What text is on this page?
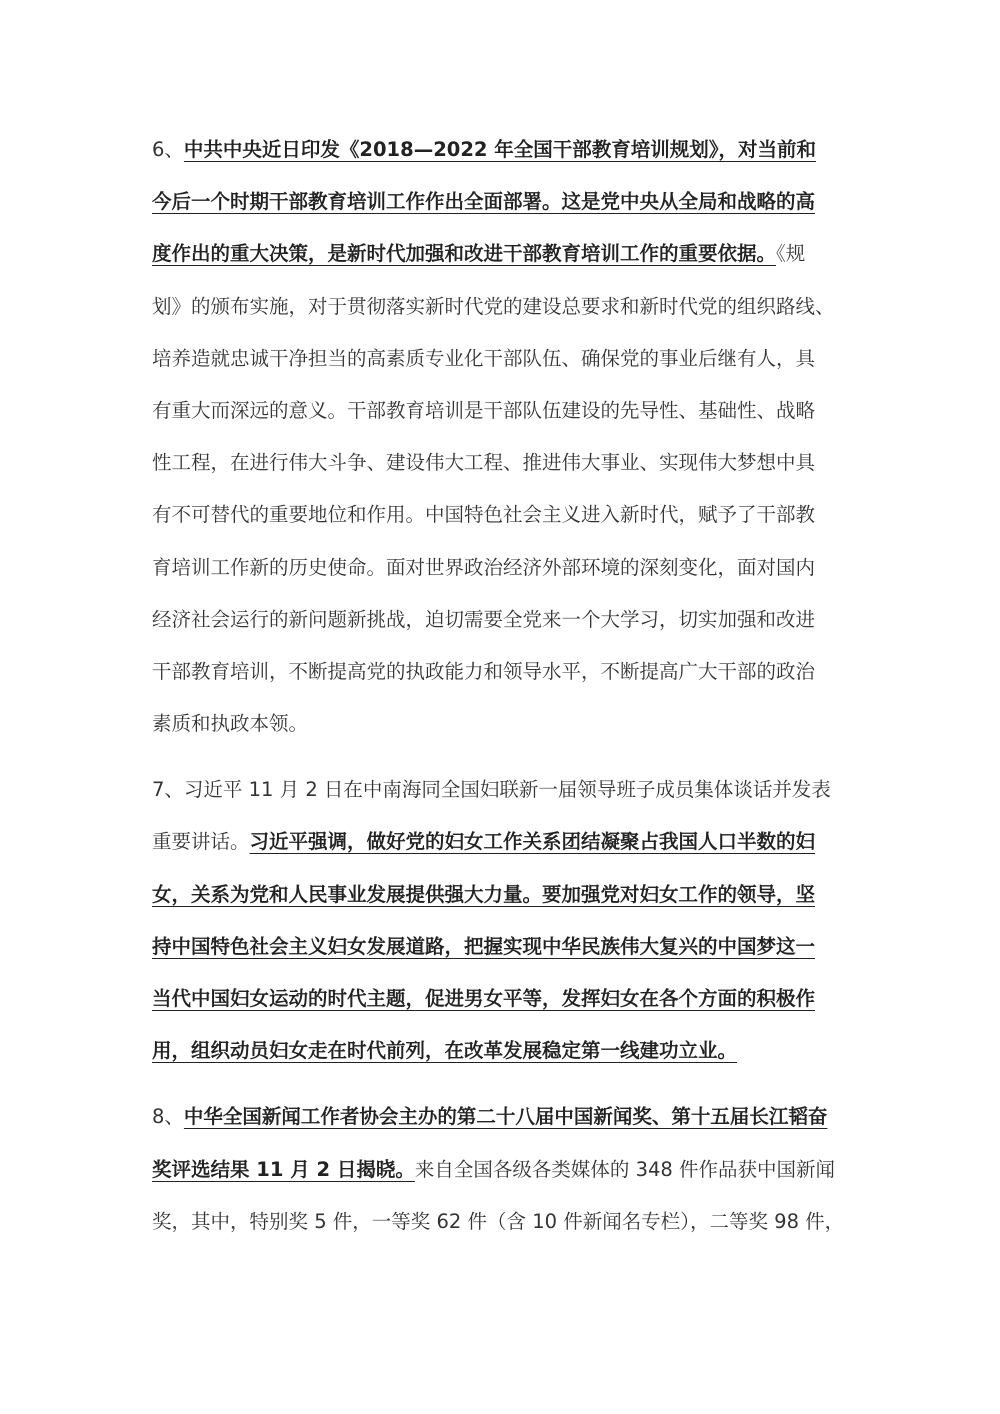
6、中共中央近日印发《2018—2022 年全国干部教育培训规划》，对当前和
今后一个时期干部教育培训工作作出全面部署。这是党中央从全局和战略的高
度作出的重大决策，是新时代加强和改进干部教育培训工作的重要依据。《规
划》的颁布实施，对于贯彻落实新时代党的建设总要求和新时代党的组织路线、
培养造就忠诚干净担当的高素质专业化干部队伍、确保党的事业后继有人，具
有重大而深远的意义。干部教育培训是干部队伍建设的先导性、基础性、战略
性工程，在进行伟大斗争、建设伟大工程、推进伟大事业、实现伟大梦想中具
有不可替代的重要地位和作用。中国特色社会主义进入新时代，赋予了干部教
育培训工作新的历史使命。面对世界政治经济外部环境的深刻变化，面对国内
经济社会运行的新问题新挑战，迫切需要全党来一个大学习，切实加强和改进
干部教育培训，不断提高党的执政能力和领导水平，不断提高广大干部的政治
素质和执政本领。
7、习近平 11 月 2 日在中南海同全国妇联新一届领导班子成员集体谈话并发表
重要讲话。习近平强调，做好党的妇女工作关系团结凝聚占我国人口半数的妇
女，关系为党和人民事业发展提供强大力量。要加强党对妇女工作的领导，坚
持中国特色社会主义妇女发展道路，把握实现中华民族伟大复兴的中国梦这一
当代中国妇女运动的时代主题，促进男女平等，发挥妇女在各个方面的积极作
用，组织动员妇女走在时代前列，在改革发展稳定第一线建功立业。
8、中华全国新闻工作者协会主办的第二十八届中国新闻奖、第十五届长江韬奋
奖评选结果 11 月 2 日揭晓。来自全国各级各类媒体的 348 件作品获中国新闻
奖，其中，特别奖 5 件，一等奖 62 件（含 10 件新闻名专栏），二等奖 98 件，
